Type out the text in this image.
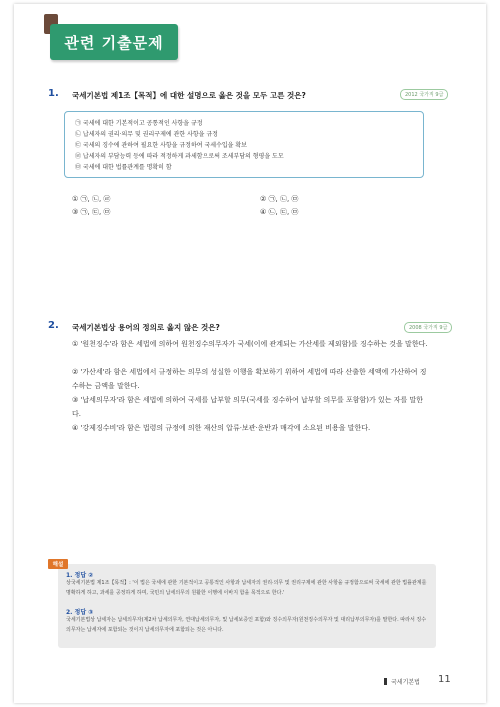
관련 기출문제
1. 국세기본법 제1조【목적】에 대한 설명으로 옳은 것을 모두 고른 것은?	2012 국가직 9급
㉠ 국세에 대한 기본적이고 공통적인 사항을 규정
㉡ 납세자의 권리·의무 및 권리구제에 관한 사항을 규정
㉢ 국세의 징수에 관하여 필요한 사항을 규정하여 국세수입을 확보
㉣ 납세자의 부담능력 등에 따라 적정하게 과세함으로써 조세부담의 형평을 도모
㉤ 국세에 대한 법률관계를 명확히 함
① ㉠, ㉡, ㉣	② ㉠, ㉡, ㉤
③ ㉠, ㉢, ㉤	④ ㉡, ㉢, ㉤
2. 국세기본법상 용어의 정의로 옳지 않은 것은?	2008 국가직 9급
① '원천징수'라 함은 세법에 의하여 원천징수의무자가 국세(이에 관계되는 가산세를 제외함)를 징수하는 것을 말한다.
② '가산세'라 함은 세법에서 규정하는 의무의 성실한 이행을 확보하기 위하여 세법에 따라 산출한 세액에 가산하여 징수하는 금액을 말한다.
③ '납세의무자'라 함은 세법에 의하여 국세를 납부할 의무(국세를 징수하여 납부할 의무를 포함함)가 있는 자를 말한다.
④ '강제징수비'라 함은 법령의 규정에 의한 재산의 압류·보관·운반과 매각에 소요된 비용을 말한다.
해설
1. 정답 ②
상국세기본법 제1조【목적】: '이 법은 국세에 관한 기본적이고 공통적인 사항과 납세자의 권리·의무 및 권리구제에 관한 사항을 규정함으로써 국세에 관한 법률관계를 명확하게 하고, 과세를 공정하게 하며, 국민의 납세의무의 원활한 이행에 이바지 함을 목적으로 한다.'
2. 정답 ③
국세기본법상 납세자는 납세의무자(제2차 납세의무자, 연대납세의무자, 및 납세보증인 포함)와 징수의무자(원천징수의무자 및 대리납부의무자)를 말한다. 따라서 징수의무자는 납세자에 포함되는 것이지 납세의무자에 포함되는 것은 아니다.
국세기본법 11
